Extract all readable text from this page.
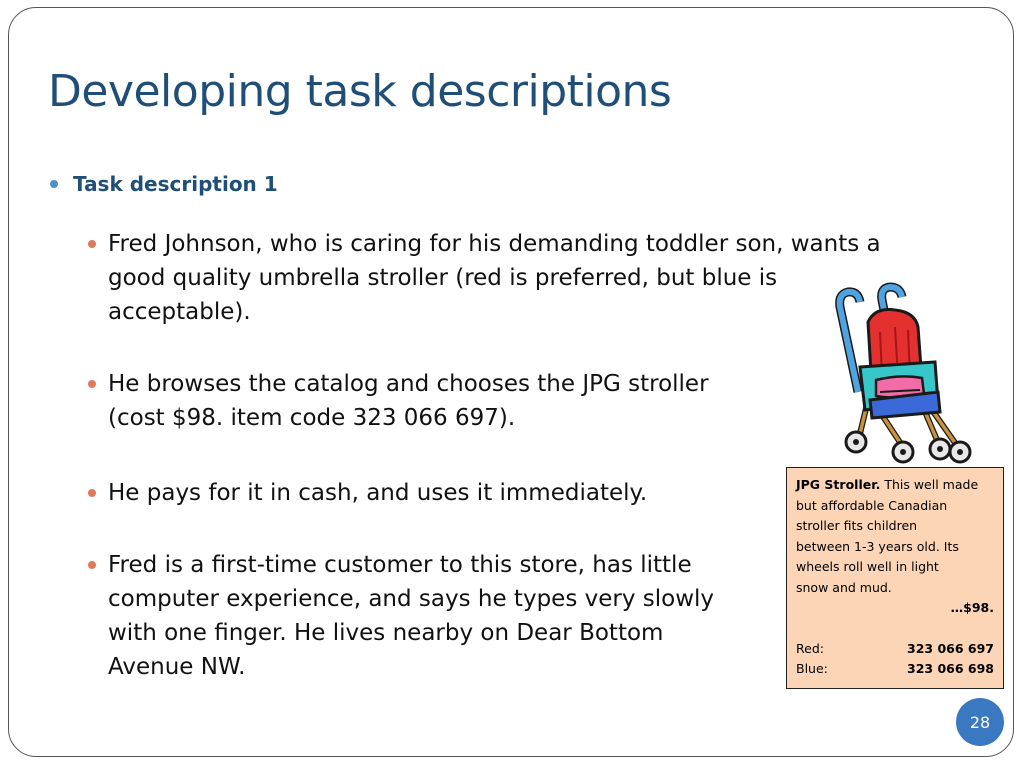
Developing task descriptions
Task description 1
Fred Johnson, who is caring for his demanding toddler son, wants a
good quality umbrella stroller (red is preferred, but blue is
acceptable).
He browses the catalog and chooses the JPG stroller
(cost $98. item code 323 066 697).
He pays for it in cash, and uses it immediately.
Fred is a first-time customer to this store, has little
computer experience, and says he types very slowly
with one finger. He lives nearby on Dear Bottom
Avenue NW.
JPG Stroller. This well made
but affordable Canadian
stroller fits children
between 1-3 years old. Its
wheels roll well in light
snow and mud.
…$98.
Red:	323 066 697
Blue:	323 066 698
28
